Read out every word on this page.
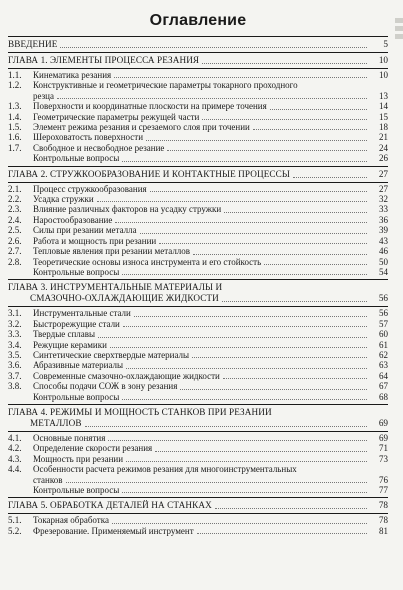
Оглавление
ВВЕДЕНИЕ	5
ГЛАВА 1. ЭЛЕМЕНТЫ ПРОЦЕССА РЕЗАНИЯ	10
1.1.	Кинематика резания	10
1.2.	Конструктивные и геометрические параметры токарного проходного
резца	13
1.3.	Поверхности и координатные плоскости на примере точения	14
1.4.	Геометрические параметры режущей части	15
1.5.	Элемент режима резания и срезаемого слоя при точении	18
1.6.	Шероховатость поверхности	21
1.7.	Свободное и несвободное резание	24
Контрольные вопросы	26
ГЛАВА 2. СТРУЖКООБРАЗОВАНИЕ И КОНТАКТНЫЕ ПРОЦЕССЫ	27
2.1.	Процесс стружкообразования	27
2.2.	Усадка стружки	32
2.3.	Влияние различных факторов на усадку стружки	33
2.4.	Наростообразование	36
2.5.	Силы при резании металла	39
2.6.	Работа и мощность при резании	43
2.7.	Тепловые явления при резании металлов	46
2.8.	Теоретические основы износа инструмента и его стойкость	50
Контрольные вопросы	54
ГЛАВА 3. ИНСТРУМЕНТАЛЬНЫЕ МАТЕРИАЛЫ И
СМАЗОЧНО-ОХЛАЖДАЮЩИЕ ЖИДКОСТИ	56
3.1.	Инструментальные стали	56
3.2.	Быстрорежущие стали	57
3.3.	Твердые сплавы	60
3.4.	Режущие керамики	61
3.5.	Синтетические сверхтвердые материалы	62
3.6.	Абразивные материалы	63
3.7.	Современные смазочно-охлаждающие жидкости	64
3.8.	Способы подачи СОЖ в зону резания	67
Контрольные вопросы	68
ГЛАВА 4. РЕЖИМЫ И МОЩНОСТЬ СТАНКОВ ПРИ РЕЗАНИИ
МЕТАЛЛОВ	69
4.1.	Основные понятия	69
4.2.	Определение скорости резания	71
4.3.	Мощность при резании	73
4.4.	Особенности расчета режимов резания для многоинструментальных
станков	76
Контрольные вопросы	77
ГЛАВА 5. ОБРАБОТКА ДЕТАЛЕЙ НА СТАНКАХ	78
5.1.	Токарная обработка	78
5.2.	Фрезерование. Применяемый инструмент	81
